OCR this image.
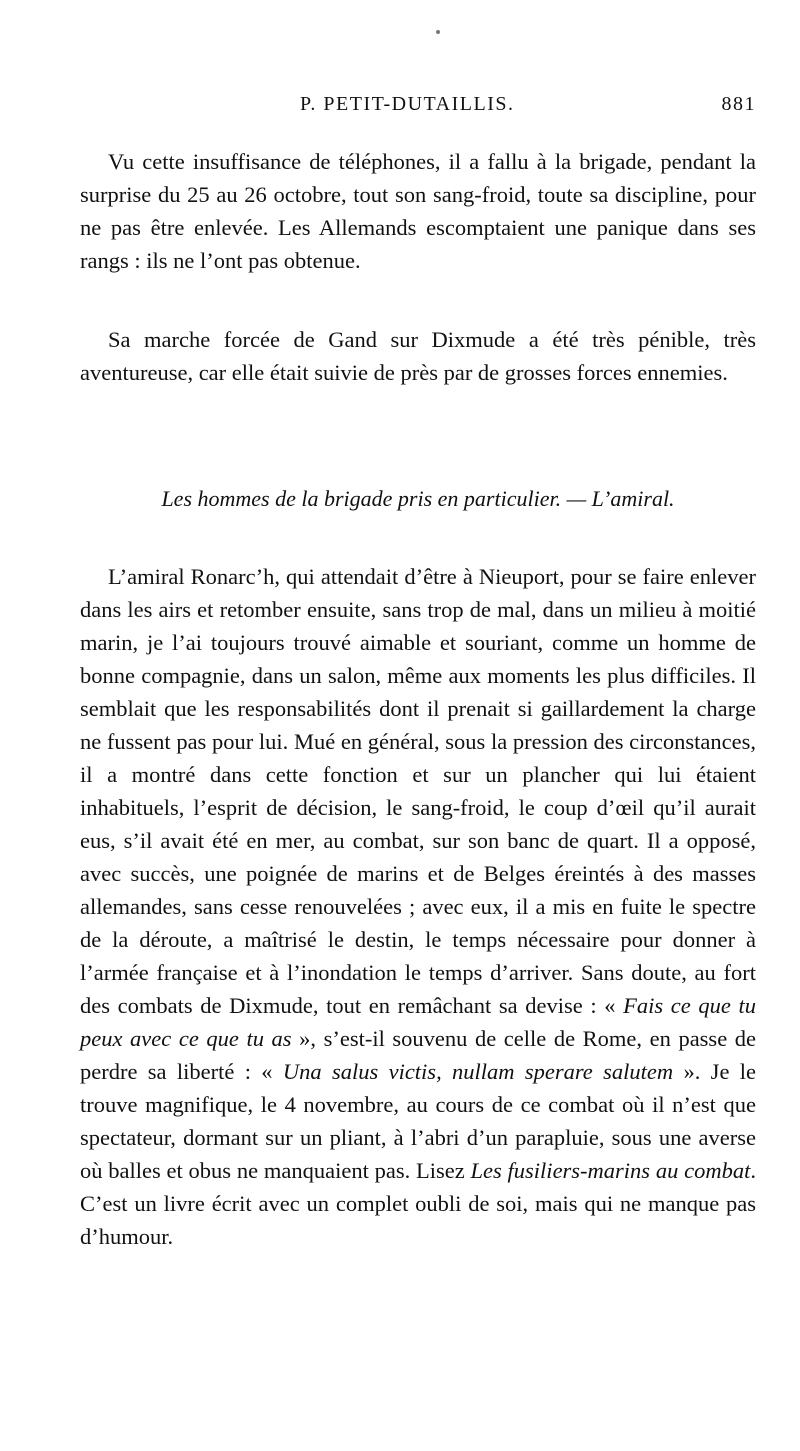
P. PETIT-DUTAILLIS.	881

Vu cette insuffisance de téléphones, il a fallu à la brigade, pendant la surprise du 25 au 26 octobre, tout son sang-froid, toute sa discipline, pour ne pas être enlevée. Les Allemands escomptaient une panique dans ses rangs : ils ne l’ont pas obtenue.

Sa marche forcée de Gand sur Dixmude a été très pénible, très aventureuse, car elle était suivie de près par de grosses forces ennemies.

Les hommes de la brigade pris en particulier. — L’amiral.

L’amiral Ronarc’h, qui attendait d’être à Nieuport, pour se faire enlever dans les airs et retomber ensuite, sans trop de mal, dans un milieu à moitié marin, je l’ai toujours trouvé aimable et souriant, comme un homme de bonne compagnie, dans un salon, même aux moments les plus difficiles. Il semblait que les responsabilités dont il prenait si gaillardement la charge ne fussent pas pour lui. Mué en général, sous la pression des circonstances, il a montré dans cette fonction et sur un plancher qui lui étaient inhabituels, l’esprit de décision, le sang-froid, le coup d’œil qu’il aurait eus, s’il avait été en mer, au combat, sur son banc de quart. Il a opposé, avec succès, une poignée de marins et de Belges éreintés à des masses allemandes, sans cesse renouvelées ; avec eux, il a mis en fuite le spectre de la déroute, a maîtrisé le destin, le temps nécessaire pour donner à l’armée française et à l’inondation le temps d’arriver. Sans doute, au fort des combats de Dixmude, tout en remâchant sa devise : « Fais ce que tu peux avec ce que tu as », s’est-il souvenu de celle de Rome, en passe de perdre sa liberté : « Una salus victis, nullam sperare salutem ». Je le trouve magnifique, le 4 novembre, au cours de ce combat où il n’est que spectateur, dormant sur un pliant, à l’abri d’un parapluie, sous une averse où balles et obus ne manquaient pas. Lisez Les fusiliers-marins au combat. C’est un livre écrit avec un complet oubli de soi, mais qui ne manque pas d’humour.
